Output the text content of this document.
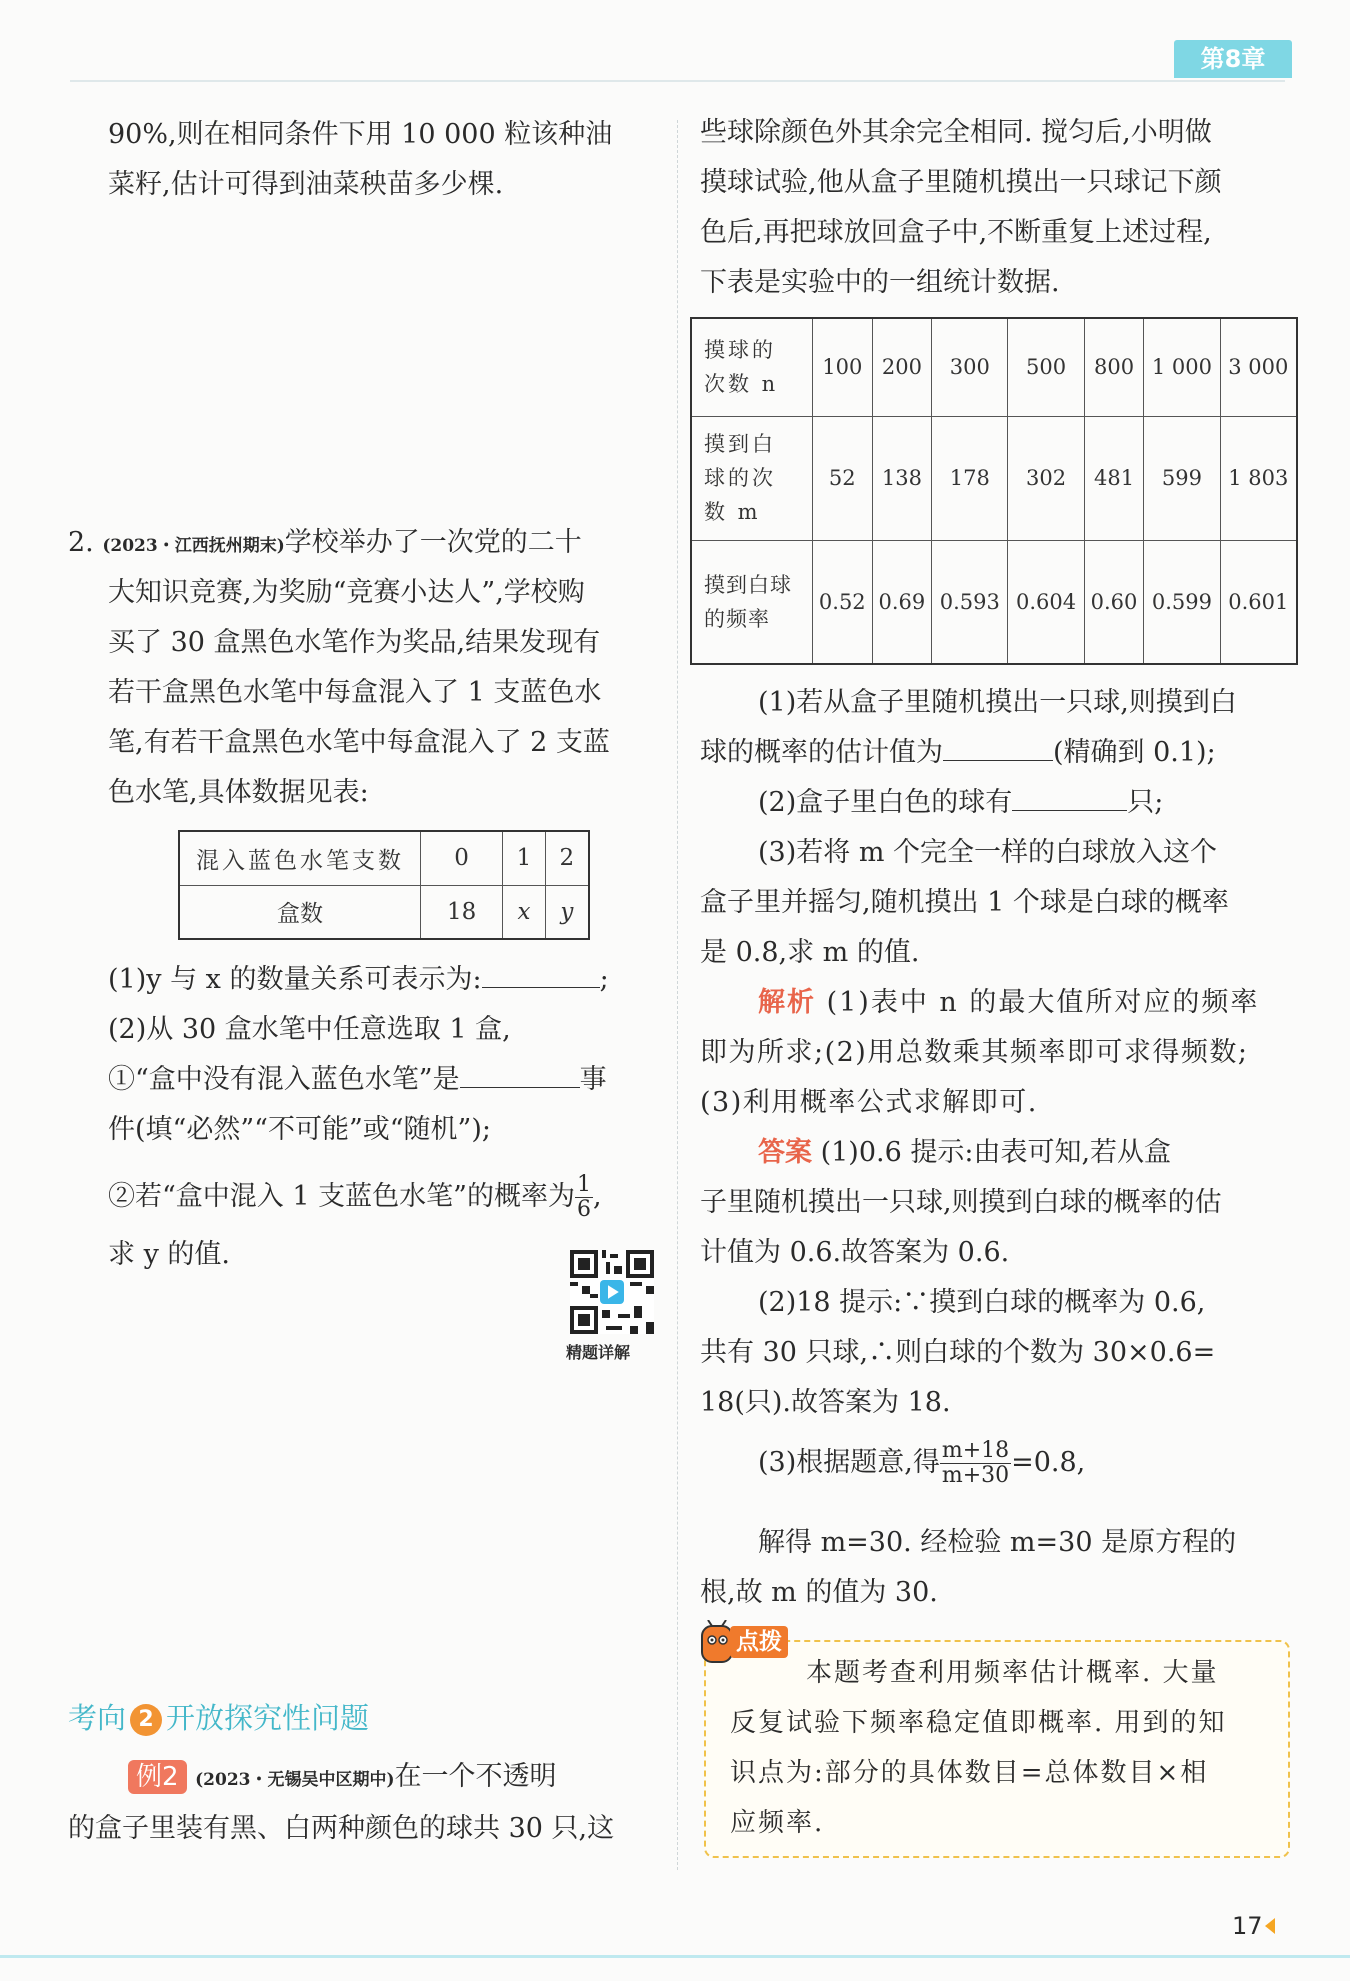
第8章
90%,则在相同条件下用 10 000 粒该种油
菜籽,估计可得到油菜秧苗多少棵.
2. (2023・江西抚州期末)学校举办了一次党的二十
大知识竞赛,为奖励“竞赛小达人”,学校购
买了 30 盒黑色水笔作为奖品,结果发现有
若干盒黑色水笔中每盒混入了 1 支蓝色水
笔,有若干盒黑色水笔中每盒混入了 2 支蓝
色水笔,具体数据见表:
混入蓝色水笔支数	0	1	2
盒数	18	x	y
(1)y 与 x 的数量关系可表示为:	;
(2)从 30 盒水笔中任意选取 1 盒,
①“盒中没有混入蓝色水笔”是	事
件(填“必然”“不可能”或“随机”);
②若“盒中混入 1 支蓝色水笔”的概率为 $\frac{1}{6}$ ,
求 y 的值.
精题详解
考向 2 开放探究性问题
例2 (2023・无锡吴中区期中)在一个不透明
的盒子里装有黑、白两种颜色的球共 30 只,这
些球除颜色外其余完全相同. 搅匀后,小明做
摸球试验,他从盒子里随机摸出一只球记下颜
色后,再把球放回盒子中,不断重复上述过程,
下表是实验中的一组统计数据.
摸球的
次数 n	100	200	300	500	800	1 000	3 000

摸到白
球的次
数 m	52	138	178	302	481	599	1 803

摸到白球
的频率	0.52	0.69	0.593	0.604	0.60	0.599	0.601
(1)若从盒子里随机摸出一只球,则摸到白
球的概率的估计值为	(精确到 0.1);
(2)盒子里白色的球有	只;
(3)若将 m 个完全一样的白球放入这个
盒子里并摇匀,随机摸出 1 个球是白球的概率
是 0.8,求 m 的值.
解析 (1)表中 n 的最大值所对应的频率
即为所求;(2)用总数乘其频率即可求得频数;
(3)利用概率公式求解即可.
答案 (1)0.6 提示:由表可知,若从盒
子里随机摸出一只球,则摸到白球的概率的估
计值为 0.6.故答案为 0.6.
(2)18 提示:∵摸到白球的概率为 0.6,
共有 30 只球,∴则白球的个数为 30×0.6=
18(只).故答案为 18.
(3)根据题意,得 $\frac{m+18}{m+30} =0.8$,
解得 m=30. 经检验 m=30 是原方程的
根,故 m 的值为 30.
点拨
本题考查利用频率估计概率. 大量
反复试验下频率稳定值即概率. 用到的知
识点为:部分的具体数目=总体数目×相
应频率.
17
